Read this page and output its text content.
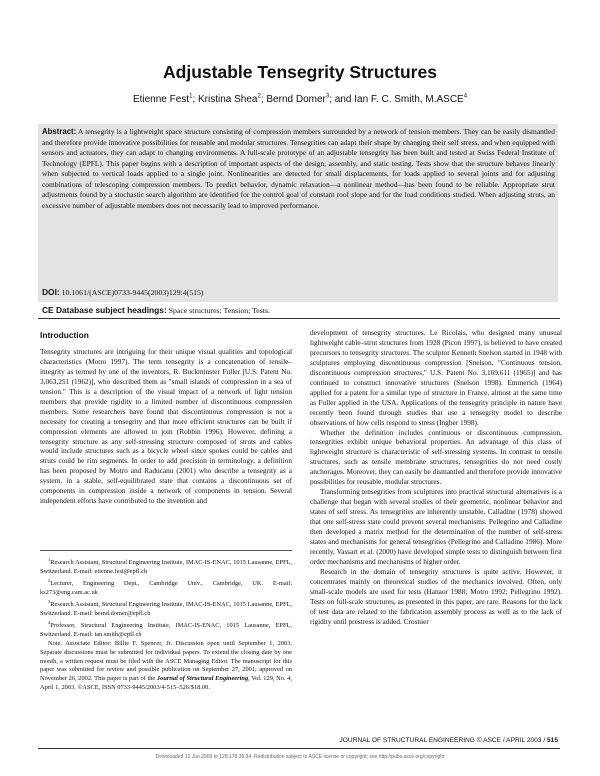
Adjustable Tensegrity Structures
Etienne Fest$^1$; Kristina Shea$^2$; Bernd Domer$^3$; and Ian F. C. Smith, M.ASCE$^4$
Abstract: A tensegrity is a lightweight space structure consisting of compression members surrounded by a network of tension members. They can be easily dismantled and therefore provide innovative possibilities for reusable and modular structures. Tensegrities can adapt their shape by changing their self stress, and when equipped with sensors and actuators, they can adapt to changing environments. A full-scale prototype of an adjustable tensegrity has been built and tested at Swiss Federal Institute of Technology (EPFL). This paper begins with a description of important aspects of the design, assembly, and static testing. Tests show that the structure behaves linearly when subjected to vertical loads applied to a single joint. Nonlinearities are detected for small displacements, for loads applied to several joints and for adjusting combinations of telescoping compression members. To predict behavior, dynamic relaxation—a nonlinear method—has been found to be reliable. Appropriate strut adjustments found by a stochastic search algorithm are identified for the control goal of constant roof slope and for the load conditions studied. When adjusting struts, an excessive number of adjustable members does not necessarily lead to improved performance.
DOI: 10.1061/(ASCE)0733-9445(2003)129:4(515)
CE Database subject headings: Space structures; Tension; Tests.
Introduction

Tensegrity structures are intriguing for their unique visual qualities and topological characteristics (Motro 1997). The term tensegrity is a concatenation of tensile–integrity as termed by one of the inventors, R. Buckminster Fuller [U.S. Patent No. 3,063,251 (1962)], who described them as "small islands of compression in a sea of tension." This is a description of the visual impact of a network of light tension members that provide rigidity to a limited number of discontinuous compression members. Some researchers have found that discontinuous compression is not a necessity for creating a tensegrity and that more efficient structures can be built if compression elements are allowed to join (Robbin 1996). However, defining a tensegrity structure as any self-stressing structure composed of struts and cables would include structures such as a bicycle wheel since spokes could be cables and struts could be rim segments. In order to add precision in terminology, a definition has been proposed by Motro and Raducanu (2001) who describe a tensegrity as a system, in a stable, self-equilibrated state that contains a discontinuous set of components in compression inside a network of components in tension. Several independent efforts have contributed to the invention and

$^1$Research Assistant, Structural Engineering Institute, IMAC-IS-ENAC, 1015 Lausanne, EPFL, Switzerland. E-mail: etienne.fest@epfl.ch

$^2$Lecturer, Engineering Dept., Cambridge Univ., Cambridge, UK. E-mail: ks273@eng.cam.ac.uk

$^3$Research Assistant, Structural Engineering Institute, IMAC-IS-ENAC, 1015 Lausanne, EPFL, Switzerland. E-mail: bernd.domer@epfl.ch

$^4$Professor, Structural Engineering Institute, IMAC-IS-ENAC, 1015 Lausanne, EPFL, Switzerland. E-mail: ian.smith@epfl.ch

Note. Associate Editor: Billie F. Spencer, Jr. Discussion open until September 1, 2003. Separate discussions must be submitted for individual papers. To extend the closing date by one month, a written request must be filed with the ASCE Managing Editor. The manuscript for this paper was submitted for review and possible publication on September 27, 2001; approved on November 26, 2002. This paper is part of the Journal of Structural Engineering, Vol. 129, No. 4, April 1, 2003. ©ASCE, ISSN 0733-9445/2003/4-515–526/$18.00.

development of tensegrity structures. Le Ricolais, who designed many unusual lightweight cable–strut structures from 1928 (Picon 1997), is believed to have created precursors to tensegrity structures. The sculptor Kenneth Snelson started in 1948 with sculptures employing discontinuous compression [Snelson, "Continuous tension, discontinuous compression structures," U.S. Patent No. 3,169,611 (1965)] and has continued to construct innovative structures (Snelson 1998). Emmerich (1964) applied for a patent for a similar type of structure in France, almost at the same time as Fuller applied in the USA. Applications of the tensegrity principle in nature have recently been found through studies that use a tensegrity model to describe observations of how cells respond to stress (Ingber 1998).

Whether the definition includes continuous or discontinuous compression, tensegrities exhibit unique behavioral properties. An advantage of this class of lightweight structure is characteristic of self-stressing systems. In contrast to tensile structures, such as tensile membrane structures, tensegrities do not need costly anchorages. Moreover, they can easily be dismantled and therefore provide innovative possibilities for reusable, modular structures.

Transforming tensegrities from sculptures into practical structural alternatives is a challenge that began with several studies of their geometric, nonlinear behavior and states of self stress. As tensegrities are inherently unstable, Calladine (1978) showed that one self-stress state could prevent several mechanisms. Pellegrino and Calladine then developed a matrix method for the determination of the number of self-stress states and mechanisms for general tensegrities (Pellegrino and Calladine 1986). More recently, Vassart et al. (2000) have developed simple tests to distinguish between first order mechanisms and mechanisms of higher order.

Research in the domain of tensegrity structures is quite active. However, it concentrates mainly on theoretical studies of the mechanics involved. Often, only small-scale models are used for tests (Hanaor 1988; Motro 1992; Pellegrino 1992). Tests on full-scale structures, as presented in this paper, are rare. Reasons for the lack of test data are related to the fabrication assembly process as well as to the lack of rigidity until prestress is added. Crosnier

JOURNAL OF STRUCTURAL ENGINEERING © ASCE / APRIL 2003 / 515
Downloaded 12 Jun 2009 to 128.178.35.34. Redistribution subject to ASCE license or copyright; see http://pubs.asce.org/copyright
